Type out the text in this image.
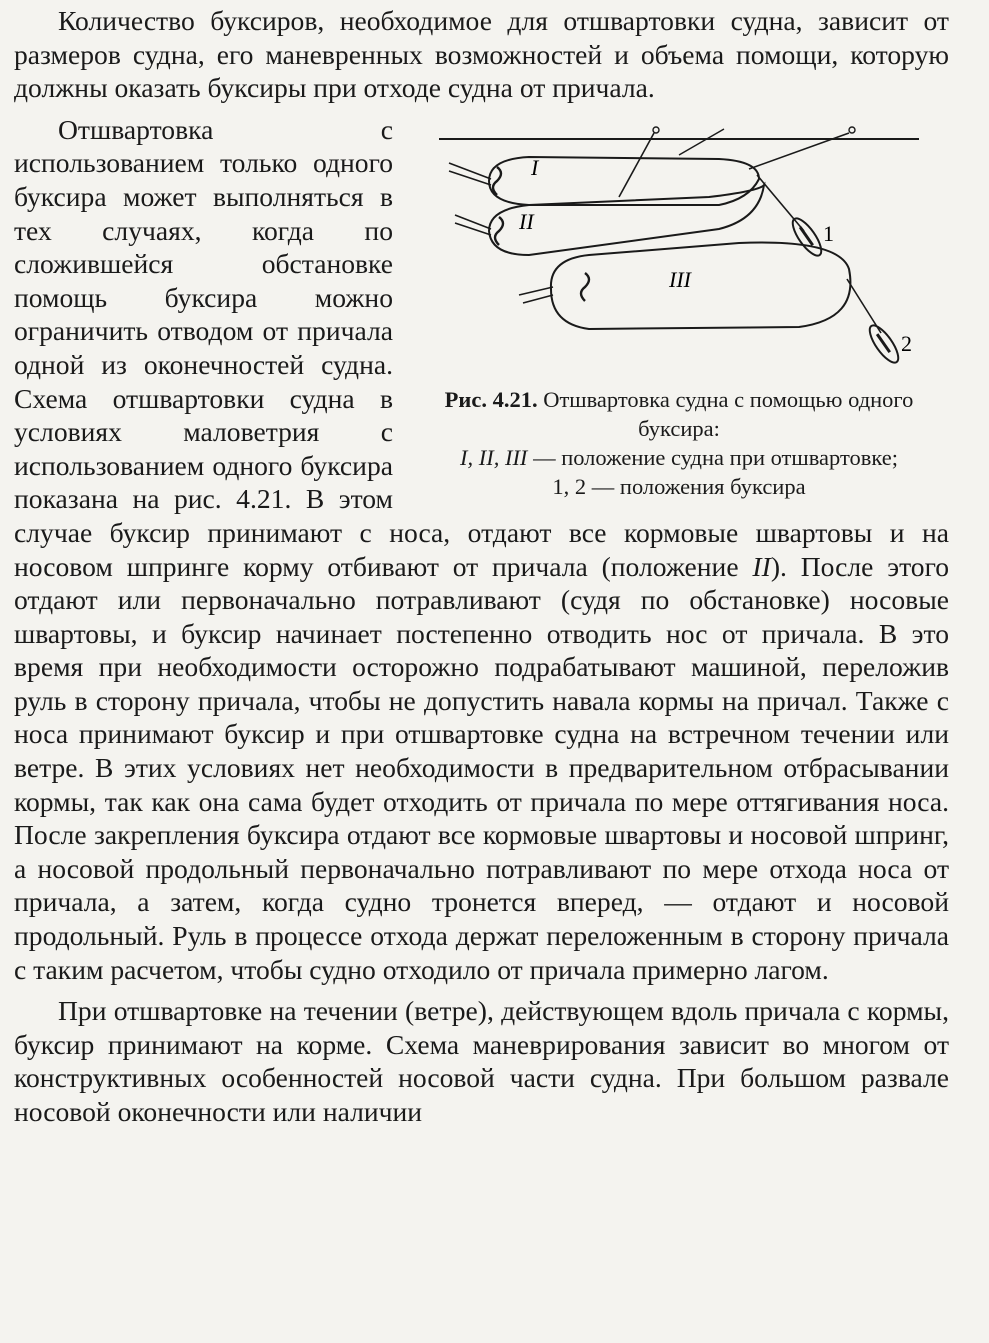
Количество буксиров, необходимое для отшвартовки судна, зависит от размеров судна, его маневренных возможностей и объема помощи, которую должны оказать буксиры при отходе судна от причала.

I
II
III
1
2
Рис. 4.21. Отшвартовка судна с помощью одного буксира:
I, II, III — положение судна при отшвартовке;
1, 2 — положения буксира

Отшвартовка с использованием только одного буксира может выполняться в тех случаях, когда по сложившейся обстановке помощь буксира можно ограничить отводом от причала одной из оконечностей судна. Схема отшвартовки судна в условиях маловетрия с использованием одного буксира показана на рис. 4.21. В этом случае буксир принимают с носа, отдают все кормовые швартовы и на носовом шпринге корму отбивают от причала (положение II). После этого отдают или первоначально потравливают (судя по обстановке) носовые швартовы, и буксир начинает постепенно отводить нос от причала. В это время при необходимости осторожно подрабатывают машиной, переложив руль в сторону причала, чтобы не допустить навала кормы на причал. Также с носа принимают буксир и при отшвартовке судна на встречном течении или ветре. В этих условиях нет необходимости в предварительном отбрасывании кормы, так как она сама будет отходить от причала по мере оттягивания носа. После закрепления буксира отдают все кормовые швартовы и носовой шпринг, а носовой продольный первоначально потравливают по мере отхода носа от причала, а затем, когда судно тронется вперед, — отдают и носовой продольный. Руль в процессе отхода держат переложенным в сторону причала с таким расчетом, чтобы судно отходило от причала примерно лагом.

При отшвартовке на течении (ветре), действующем вдоль причала с кормы, буксир принимают на корме. Схема маневрирования зависит во многом от конструктивных особенностей носовой части судна. При большом развале носовой оконечности или наличии
